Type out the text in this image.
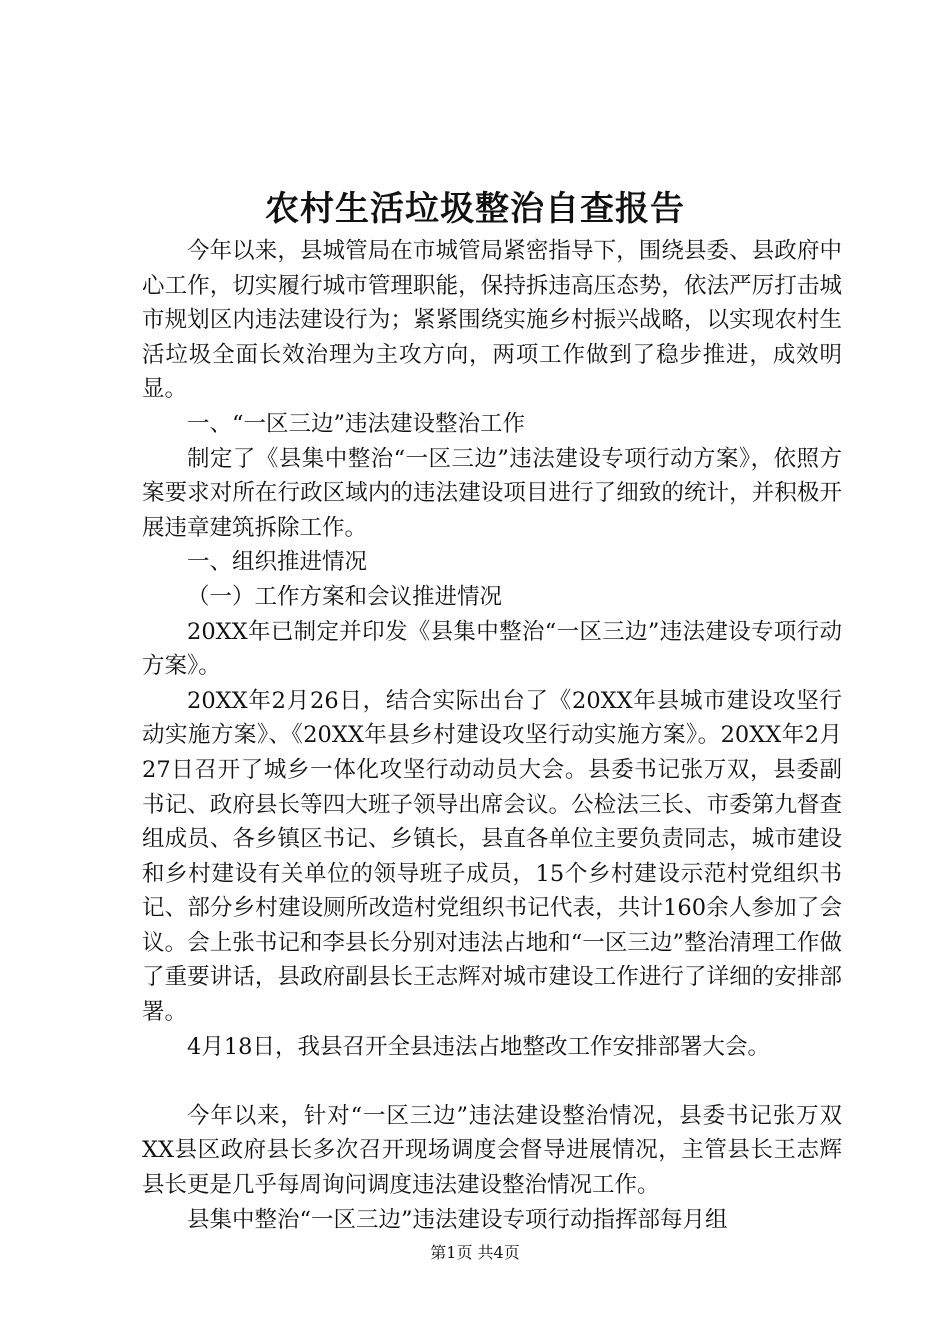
农村生活垃圾整治自查报告

今年以来，县城管局在市城管局紧密指导下，围绕县委、县政府中心工作，切实履行城市管理职能，保持拆违高压态势，依法严厉打击城市规划区内违法建设行为；紧紧围绕实施乡村振兴战略，以实现农村生活垃圾全面长效治理为主攻方向，两项工作做到了稳步推进，成效明显。

一、“一区三边”违法建设整治工作

制定了《县集中整治“一区三边”违法建设专项行动方案》，依照方案要求对所在行政区域内的违法建设项目进行了细致的统计，并积极开展违章建筑拆除工作。

一、组织推进情况

（一）工作方案和会议推进情况

20XX年已制定并印发《县集中整治“一区三边”违法建设专项行动方案》。

20XX年2月26日，结合实际出台了《20XX年县城市建设攻坚行动实施方案》、《20XX年县乡村建设攻坚行动实施方案》。20XX年2月27日召开了城乡一体化攻坚行动动员大会。县委书记张万双，县委副书记、政府县长等四大班子领导出席会议。公检法三长、市委第九督查组成员、各乡镇区书记、乡镇长，县直各单位主要负责同志，城市建设和乡村建设有关单位的领导班子成员，15个乡村建设示范村党组织书记、部分乡村建设厕所改造村党组织书记代表，共计160余人参加了会议。会上张书记和李县长分别对违法占地和“一区三边”整治清理工作做了重要讲话，县政府副县长王志辉对城市建设工作进行了详细的安排部署。

4月18日，我县召开全县违法占地整改工作安排部署大会。

今年以来，针对“一区三边”违法建设整治情况，县委书记张万双XX县区政府县长多次召开现场调度会督导进展情况，主管县长王志辉县长更是几乎每周询问调度违法建设整治情况工作。

县集中整治“一区三边”违法建设专项行动指挥部每月组

第1页 共4页
